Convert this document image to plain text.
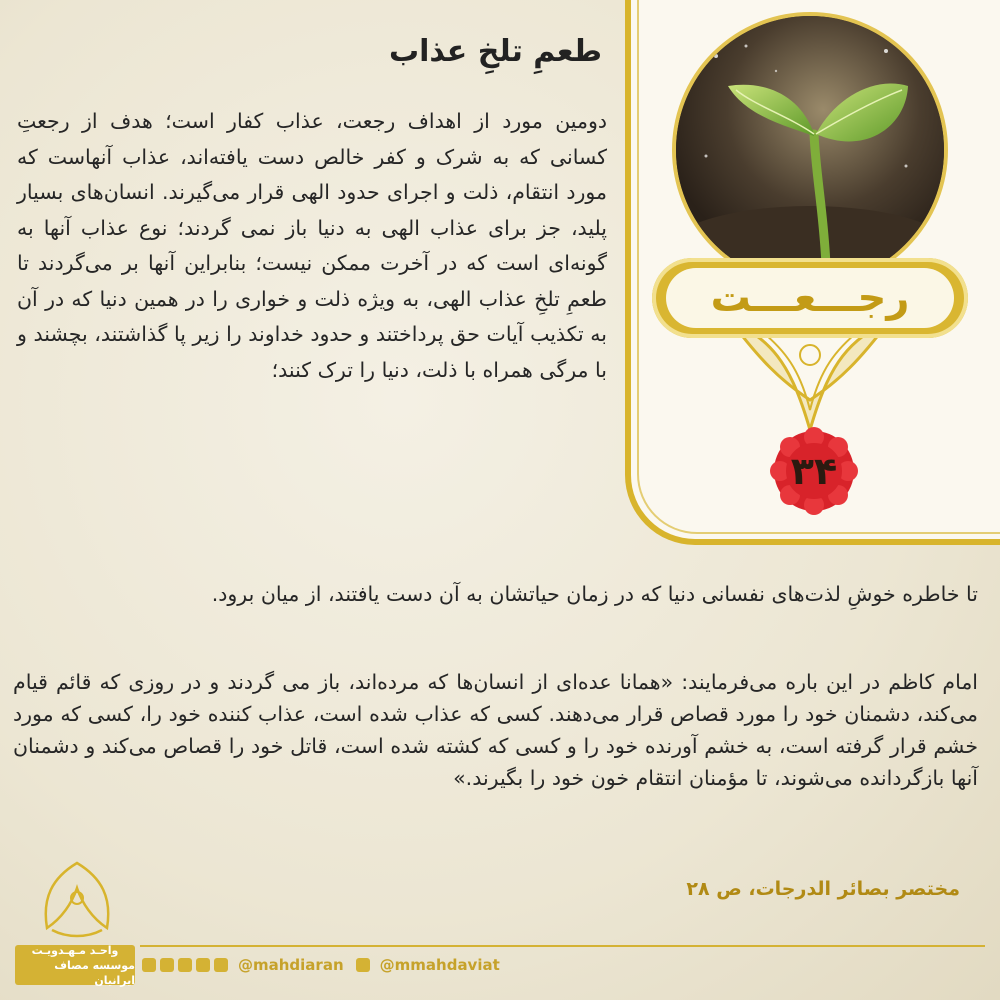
رجـــعـــت
۳۴
طعمِ تلخِ عذاب

دومین مورد از اهداف رجعت، عذاب کفار است؛ هدف از رجعتِ کسانی که به شرک و کفر خالص دست یافته‌اند، عذاب آنهاست که مورد انتقام، ذلت و اجرای حدود الهی قرار می‌گیرند. انسان‌های بسیار پلید، جز برای عذاب الهی به دنیا باز نمی گردند؛ نوع عذاب آنها به گونه‌ای است که در آخرت ممکن نیست؛ بنابراین آنها بر می‌گردند تا طعمِ تلخِ عذاب الهی، به ویژه ذلت و خواری را در همین دنیا که در آن به تکذیب آیات حق پرداختند و حدود خداوند را زیر پا گذاشتند، بچشند و با مرگی همراه با ذلت، دنیا را ترک کنند؛

تا خاطره خوشِ لذت‌های نفسانی دنیا که در زمان حیاتشان به آن دست یافتند، از میان برود.

امام کاظم در این باره می‌فرمایند: «همانا عده‌ای از انسان‌ها که مرده‌اند، باز می گردند و در روزی که قائم قیام می‌کند، دشمنان خود را مورد قصاص قرار می‌دهند. کسی که عذاب شده است، عذاب کننده خود را، کسی که مورد خشم قرار گرفته است، به خشم آورنده خود را و کسی که کشته شده است، قاتل خود را قصاص می‌کند و دشمنان آنها بازگردانده می‌شوند، تا مؤمنان انتقام خون خود را بگیرند.»

مختصر بصائر الدرجات، ص ۲۸

واحـد مـهـدویـت
موسسه مصاف ایرانیان
@mahdiaran @mmahdaviat
